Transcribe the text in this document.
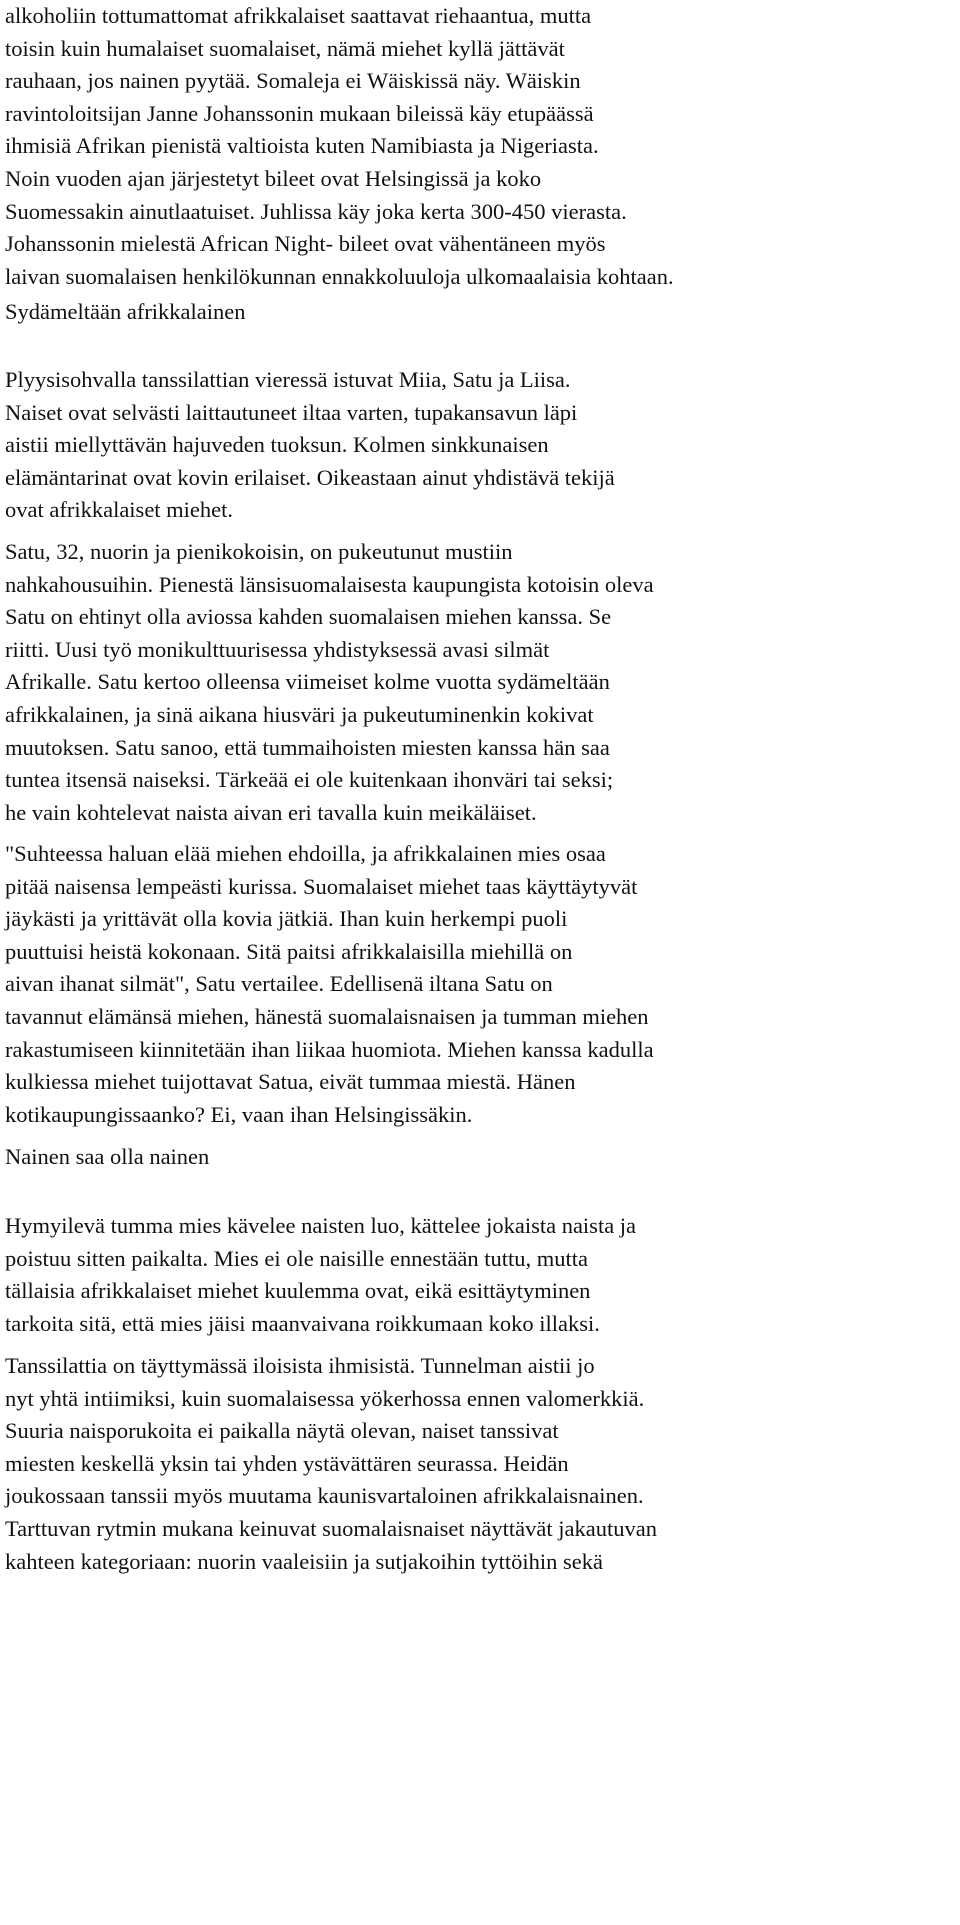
alkoholiin tottumattomat afrikkalaiset saattavat riehaantua, mutta
toisin kuin humalaiset suomalaiset, nämä miehet kyllä jättävät
rauhaan, jos nainen pyytää. Somaleja ei Wäiskissä näy. Wäiskin
ravintoloitsijan Janne Johanssonin mukaan bileissä käy etupäässä
ihmisiä Afrikan pienistä valtioista kuten Namibiasta ja Nigeriasta.
Noin vuoden ajan järjestetyt bileet ovat Helsingissä ja koko
Suomessakin ainutlaatuiset. Juhlissa käy joka kerta 300-450 vierasta.
Johanssonin mielestä African Night- bileet ovat vähentäneen myös
laivan suomalaisen henkilökunnan ennakkoluuloja ulkomaalaisia kohtaan.
Sydämeltään afrikkalainen
Plyysisohvalla tanssilattian vieressä istuvat Miia, Satu ja Liisa.
Naiset ovat selvästi laittautuneet iltaa varten, tupakansavun läpi
aistii miellyttävän hajuveden tuoksun. Kolmen sinkkunaisen
elämäntarinat ovat kovin erilaiset. Oikeastaan ainut yhdistävä tekijä
ovat afrikkalaiset miehet.
Satu, 32, nuorin ja pienikokoisin, on pukeutunut mustiin
nahkahousuihin. Pienestä länsisuomalaisesta kaupungista kotoisin oleva
Satu on ehtinyt olla aviossa kahden suomalaisen miehen kanssa. Se
riitti. Uusi työ monikulttuurisessa yhdistyksessä avasi silmät
Afrikalle. Satu kertoo olleensa viimeiset kolme vuotta sydämeltään
afrikkalainen, ja sinä aikana hiusväri ja pukeutuminenkin kokivat
muutoksen. Satu sanoo, että tummaihoisten miesten kanssa hän saa
tuntea itsensä naiseksi. Tärkeää ei ole kuitenkaan ihonväri tai seksi;
he vain kohtelevat naista aivan eri tavalla kuin meikäläiset.
"Suhteessa haluan elää miehen ehdoilla, ja afrikkalainen mies osaa
pitää naisensa lempeästi kurissa. Suomalaiset miehet taas käyttäytyvät
jäykästi ja yrittävät olla kovia jätkiä. Ihan kuin herkempi puoli
puuttuisi heistä kokonaan. Sitä paitsi afrikkalaisilla miehillä on
aivan ihanat silmät", Satu vertailee. Edellisenä iltana Satu on
tavannut elämänsä miehen, hänestä suomalaisnaisen ja tumman miehen
rakastumiseen kiinnitetään ihan liikaa huomiota. Miehen kanssa kadulla
kulkiessa miehet tuijottavat Satua, eivät tummaa miestä. Hänen
kotikaupungissaanko? Ei, vaan ihan Helsingissäkin.
Nainen saa olla nainen
Hymyilevä tumma mies kävelee naisten luo, kättelee jokaista naista ja
poistuu sitten paikalta. Mies ei ole naisille ennestään tuttu, mutta
tällaisia afrikkalaiset miehet kuulemma ovat, eikä esittäytyminen
tarkoita sitä, että mies jäisi maanvaivana roikkumaan koko illaksi.
Tanssilattia on täyttymässä iloisista ihmisistä. Tunnelman aistii jo
nyt yhtä intiimiksi, kuin suomalaisessa yökerhossa ennen valomerkkiä.
Suuria naisporukoita ei paikalla näytä olevan, naiset tanssivat
miesten keskellä yksin tai yhden ystävättären seurassa. Heidän
joukossaan tanssii myös muutama kaunisvartaloinen afrikkalaisnainen.
Tarttuvan rytmin mukana keinuvat suomalaisnaiset näyttävät jakautuvan
kahteen kategoriaan: nuorin vaaleisiin ja sutjakoihin tyttöihin sekä
